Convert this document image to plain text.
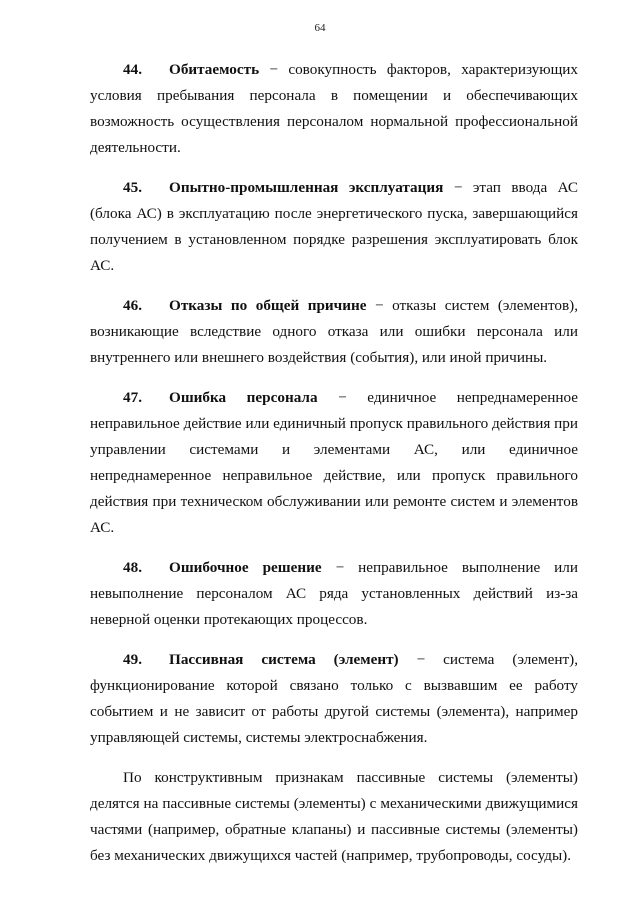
64

44. Обитаемость − совокупность факторов, характеризующих условия пребывания персонала в помещении и обеспечивающих возможность осуществления персоналом нормальной профессиональной деятельности.

45. Опытно-промышленная эксплуатация − этап ввода АС (блока АС) в эксплуатацию после энергетического пуска, завершающийся получением в установленном порядке разрешения эксплуатировать блок АС.

46. Отказы по общей причине − отказы систем (элементов), возникающие вследствие одного отказа или ошибки персонала или внутреннего или внешнего воздействия (события), или иной причины.

47. Ошибка персонала − единичное непреднамеренное неправильное действие или единичный пропуск правильного действия при управлении системами и элементами АС, или единичное непреднамеренное неправильное действие, или пропуск правильного действия при техническом обслуживании или ремонте систем и элементов АС.

48. Ошибочное решение − неправильное выполнение или невыполнение персоналом АС ряда установленных действий из-за неверной оценки протекающих процессов.

49. Пассивная система (элемент) − система (элемент), функционирование которой связано только с вызвавшим ее работу событием и не зависит от работы другой системы (элемента), например управляющей системы, системы электроснабжения.

По конструктивным признакам пассивные системы (элементы) делятся на пассивные системы (элементы) с механическими движущимися частями (например, обратные клапаны) и пассивные системы (элементы) без механических движущихся частей (например, трубопроводы, сосуды).
